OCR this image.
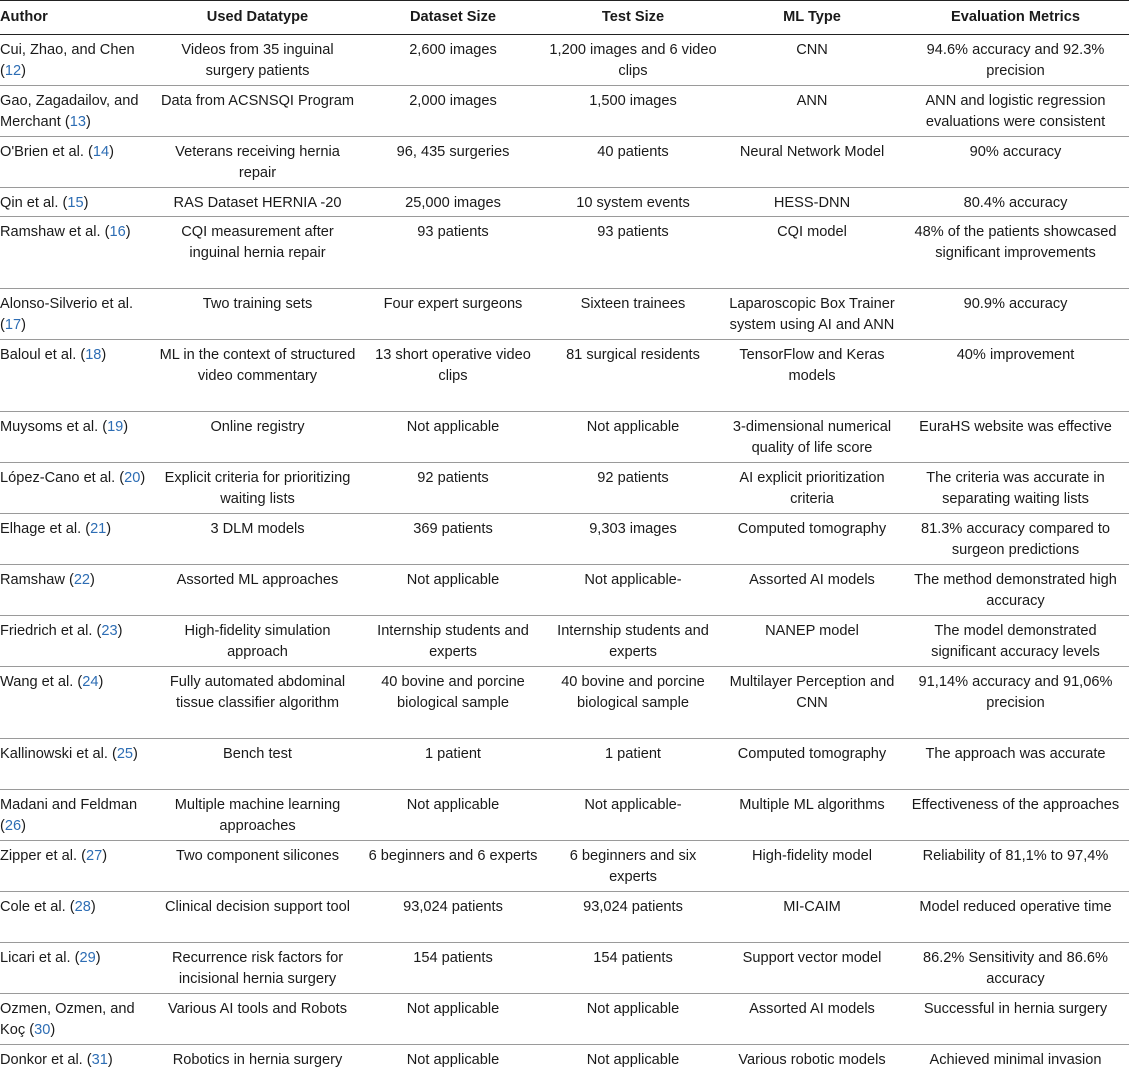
Author	Used Datatype	Dataset Size	Test Size	ML Type	Evaluation Metrics
Cui, Zhao, and Chen (12)	Videos from 35 inguinal surgery patients	2,600 images	1,200 images and 6 video clips	CNN	94.6% accuracy and 92.3% precision
Gao, Zagadailov, and Merchant (13)	Data from ACSNSQI Program	2,000 images	1,500 images	ANN	ANN and logistic regression evaluations were consistent
O'Brien et al. (14)	Veterans receiving hernia repair	96, 435 surgeries	40 patients	Neural Network Model	90% accuracy
Qin et al. (15)	RAS Dataset HERNIA -20	25,000 images	10 system events	HESS-DNN	80.4% accuracy
Ramshaw et al. (16)	CQI measurement after inguinal hernia repair	93 patients	93 patients	CQI model	48% of the patients showcased significant improvements
Alonso-Silverio et al. (17)	Two training sets	Four expert surgeons	Sixteen trainees	Laparoscopic Box Trainer system using AI and ANN	90.9% accuracy
Baloul et al. (18)	ML in the context of structured video commentary	13 short operative video clips	81 surgical residents	TensorFlow and Keras models	40% improvement
Muysoms et al. (19)	Online registry	Not applicable	Not applicable	3-dimensional numerical quality of life score	EuraHS website was effective
López-Cano et al. (20)	Explicit criteria for prioritizing waiting lists	92 patients	92 patients	AI explicit prioritization criteria	The criteria was accurate in separating waiting lists
Elhage et al. (21)	3 DLM models	369 patients	9,303 images	Computed tomography	81.3% accuracy compared to surgeon predictions
Ramshaw (22)	Assorted ML approaches	Not applicable	Not applicable-	Assorted AI models	The method demonstrated high accuracy
Friedrich et al. (23)	High-fidelity simulation approach	Internship students and experts	Internship students and experts	NANEP model	The model demonstrated significant accuracy levels
Wang et al. (24)	Fully automated abdominal tissue classifier algorithm	40 bovine and porcine biological sample	40 bovine and porcine biological sample	Multilayer Perception and CNN	91,14% accuracy and 91,06% precision
Kallinowski et al. (25)	Bench test	1 patient	1 patient	Computed tomography	The approach was accurate
Madani and Feldman (26)	Multiple machine learning approaches	Not applicable	Not applicable-	Multiple ML algorithms	Effectiveness of the approaches
Zipper et al. (27)	Two component silicones	6 beginners and 6 experts	6 beginners and six experts	High-fidelity model	Reliability of 81,1% to 97,4%
Cole et al. (28)	Clinical decision support tool	93,024 patients	93,024 patients	MI-CAIM	Model reduced operative time
Licari et al. (29)	Recurrence risk factors for incisional hernia surgery	154 patients	154 patients	Support vector model	86.2% Sensitivity and 86.6% accuracy
Ozmen, Ozmen, and Koç (30)	Various AI tools and Robots	Not applicable	Not applicable	Assorted AI models	Successful in hernia surgery
Donkor et al. (31)	Robotics in hernia surgery	Not applicable	Not applicable	Various robotic models	Achieved minimal invasion
